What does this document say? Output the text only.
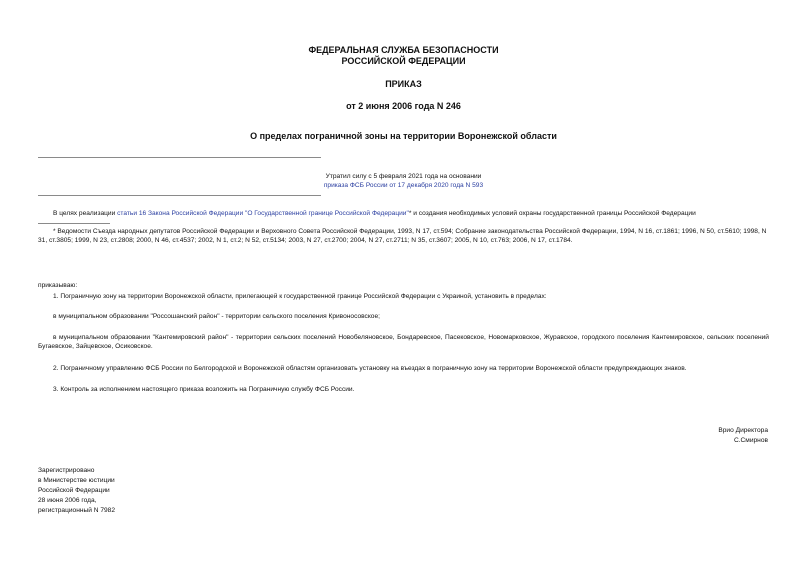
ФЕДЕРАЛЬНАЯ СЛУЖБА БЕЗОПАСНОСТИ
РОССИЙСКОЙ ФЕДЕРАЦИИ
ПРИКАЗ
от 2 июня 2006 года N 246
О пределах пограничной зоны на территории Воронежской области
Утратил силу с 5 февраля 2021 года на основании
приказа ФСБ России от 17 декабря 2020 года N 593
В целях реализации статьи 16 Закона Российской Федерации "О Государственной границе Российской Федерации"* и создания необходимых условий охраны государственной границы Российской Федерации
* Ведомости Съезда народных депутатов Российской Федерации и Верховного Совета Российской Федерации, 1993, N 17, ст.594; Собрание законодательства Российской Федерации, 1994, N 16, ст.1861; 1996, N 50, ст.5610; 1998, N 31, ст.3805; 1999, N 23, ст.2808; 2000, N 46, ст.4537; 2002, N 1, ст.2; N 52, ст.5134; 2003, N 27, ст.2700; 2004, N 27, ст.2711; N 35, ст.3607; 2005, N 10, ст.763; 2006, N 17, ст.1784.
приказываю:
1. Пограничную зону на территории Воронежской области, прилегающей к государственной границе Российской Федерации с Украиной, установить в пределах:
в муниципальном образовании "Россошанский район" - территории сельского поселения Кривоносовское;
в муниципальном образовании "Кантемировский район" - территории сельских поселений Новобеляновское, Бондаревское, Пасековское, Новомарковское, Журавское, городского поселения Кантемировское, сельских поселений Бугаевское, Зайцевское, Осиковское.
2. Пограничному управлению ФСБ России по Белгородской и Воронежской областям организовать установку на въездах в пограничную зону на территории Воронежской области предупреждающих знаков.
3. Контроль за исполнением настоящего приказа возложить на Пограничную службу ФСБ России.
Врио Директора
С.Смирнов
Зарегистрировано
в Министерстве юстиции
Российской Федерации
28 июня 2006 года,
регистрационный N 7982
